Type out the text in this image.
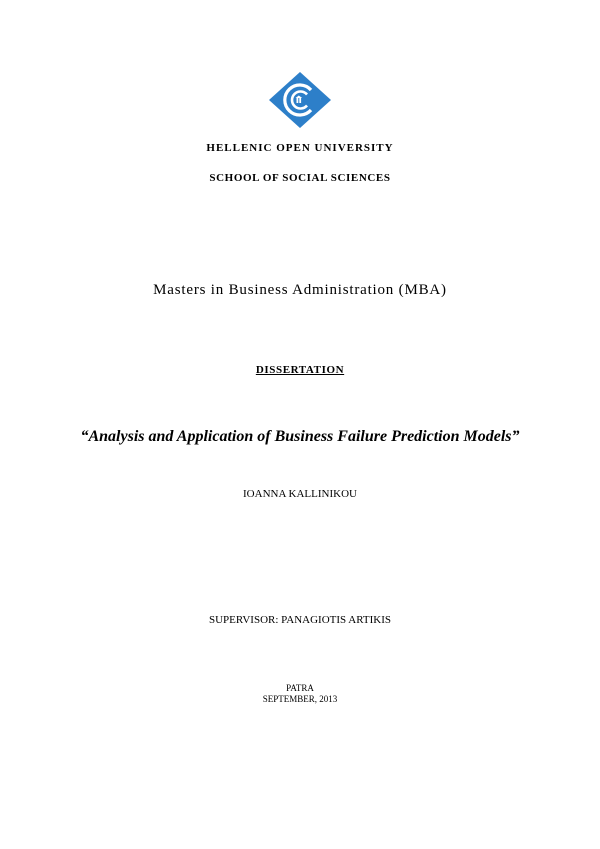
HELLENIC OPEN UNIVERSITY
SCHOOL OF SOCIAL SCIENCES
Masters in Business Administration (MBA)
DISSERTATION
“Analysis and Application of Business Failure Prediction Models”
IOANNA KALLINIKOU
SUPERVISOR: PANAGIOTIS ARTIKIS
PATRA
SEPTEMBER, 2013
